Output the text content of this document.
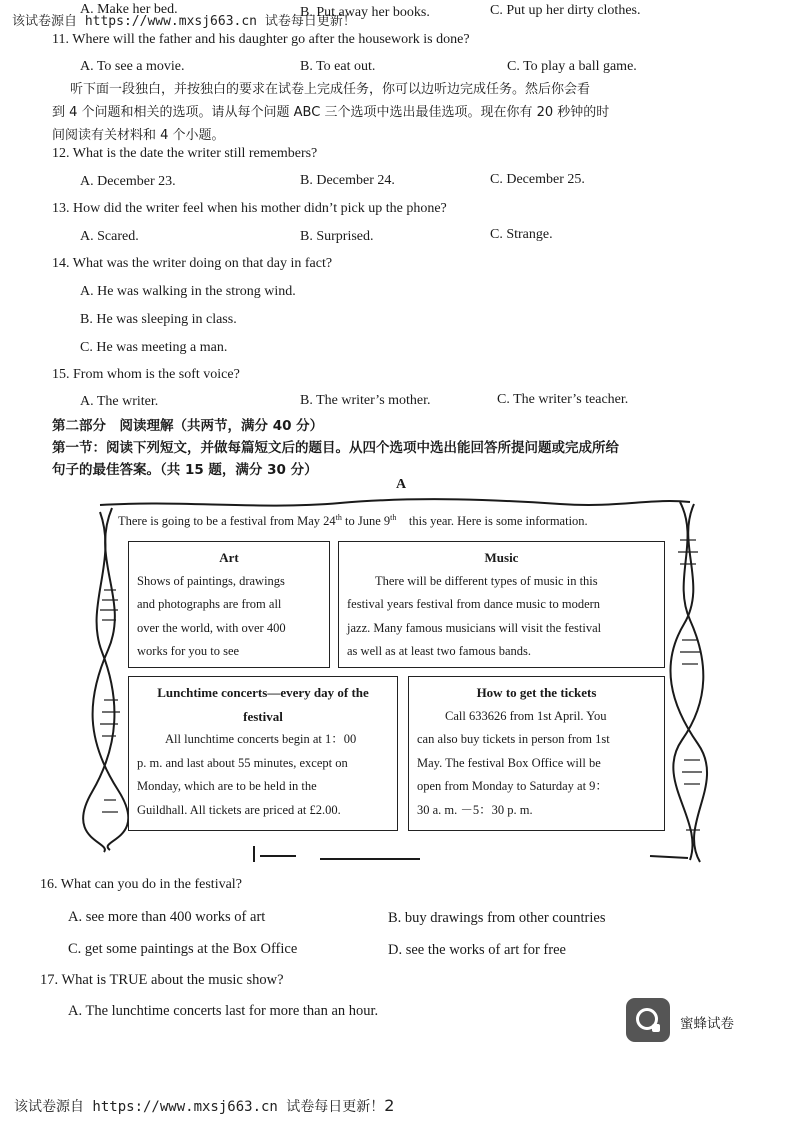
该试卷源自 https://www.mxsj663.cn 试卷每日更新！
A. Make her bed.	B. Put away her books.	C. Put up her dirty clothes.
11. Where will the father and his daughter go after the housework is done?
A. To see a movie.	B. To eat out.	C. To play a ball game.
听下面一段独白，并按独白的要求在试卷上完成任务，你可以边听边完成任务。然后你会看
到 4 个问题和相关的选项。请从每个问题 ABC 三个选项中选出最佳选项。现在你有 20 秒钟的时
间阅读有关材料和 4 个小题。
12. What is the date the writer still remembers?
A. December 23.	B. December 24.	C. December 25.
13. How did the writer feel when his mother didn’t pick up the phone?
A. Scared.	B. Surprised.	C. Strange.
14. What was the writer doing on that day in fact?
A. He was walking in the strong wind.
B. He was sleeping in class.
C. He was meeting a man.
15. From whom is the soft voice?
A. The writer.	B. The writer’s mother.	C. The writer’s teacher.
第二部分　阅读理解（共两节，满分 40 分）
第一节：阅读下列短文，并做每篇短文后的题目。从四个选项中选出能回答所提问题或完成所给
句子的最佳答案。（共 15 题，满分 30 分）
A
There is going to be a festival from May 24th to June 9th　this year. Here is some information.
Art

Shows of paintings, drawings

and photographs are from all

over the world, with over 400

works for you to see

Music

There will be different types of music in this

festival years festival from dance music to modern

jazz. Many famous musicians will visit the festival

as well as at least two famous bands.

Lunchtime concerts—every day of the
festival

All lunchtime concerts begin at 1：00

p. m. and last about 55 minutes, except on

Monday, which are to be held in the

Guildhall. All tickets are priced at £2.00.

How to get the tickets

Call 633626 from 1st April. You

can also buy tickets in person from 1st

May. The festival Box Office will be

open from Monday to Saturday at 9：

30 a. m. －5：30 p. m.

16. What can you do in the festival?
A. see more than 400 works of art	B. buy drawings from other countries
C. get some paintings at the Box Office	D. see the works of art for free
17. What is TRUE about the music show?
A. The lunchtime concerts last for more than an hour.
蜜蜂试卷
该试卷源自 https://www.mxsj663.cn 试卷每日更新！2
